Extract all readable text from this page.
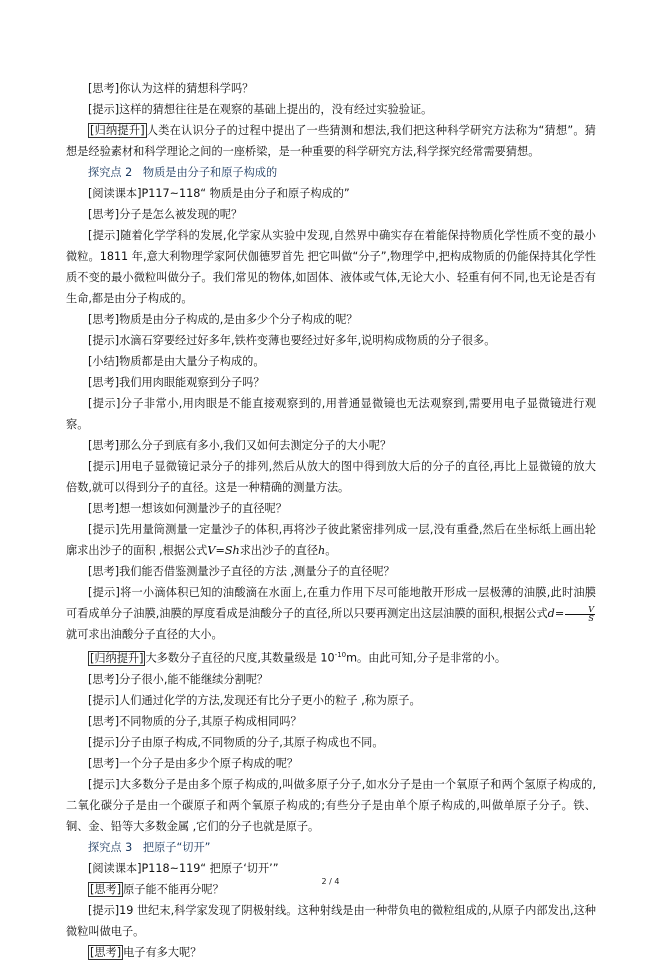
[思考]你认为这样的猜想科学吗？

[提示]这样的猜想往往是在观察的基础上提出的，没有经过实验验证。

[归纳提升] 人类在认识分子的过程中提出了一些猜测和想法,我们把这种科学研究方法称为“猜想”。猜想是经验素材和科学理论之间的一座桥梁，是一种重要的科学研究方法,科学探究经常需要猜想。

探究点 2 物质是由分子和原子构成的

[阅读课本]P117~118“ 物质是由分子和原子构成的”

[思考]分子是怎么被发现的呢？

[提示]随着化学学科的发展,化学家从实验中发现,自然界中确实存在着能保持物质化学性质不变的最小微粒。1811 年,意大利物理学家阿伏伽德罗首先 把它叫做“分子”,物理学中,把构成物质的仍能保持其化学性质不变的最小微粒叫做分子。我们常见的物体,如固体、液体或气体,无论大小、轻重有何不同,也无论是否有生命,都是由分子构成的。

[思考]物质是由分子构成的,是由多少个分子构成的呢？

[提示]水滴石穿要经过好多年,铁杵变薄也要经过好多年,说明构成物质的分子很多。

[小结]物质都是由大量分子构成的。

[思考]我们用肉眼能观察到分子吗？

[提示]分子非常小,用肉眼是不能直接观察到的,用普通显微镜也无法观察到,需要用电子显微镜进行观察。

[思考]那么分子到底有多小,我们又如何去测定分子的大小呢？

[提示]用电子显微镜记录分子的排列,然后从放大的图中得到放大后的分子的直径,再比上显微镜的放大倍数,就可以得到分子的直径。这是一种精确的测量方法。

[思考]想一想该如何测量沙子的直径呢？

[提示]先用量筒测量一定量沙子的体积,再将沙子彼此紧密排列成一层,没有重叠,然后在坐标纸上画出轮廓求出沙子的面积 ,根据公式V=Sh求出沙子的直径h。

[思考]我们能否借鉴测量沙子直径的方法 ,测量分子的直径呢？

[提示]将一小滴体积已知的油酸滴在水面上,在重力作用下尽可能地散开形成一层极薄的油膜,此时油膜可看成单分子油膜,油膜的厚度看成是油酸分子的直径,所以只要再测定出这层油膜的面积,根据公式$d= \frac{V}{S}$
就可求出油酸分子直径的大小。

[归纳提升] 大多数分子直径的尺度,其数量级是 $10^{-10}m$。由此可知,分子是非常的小。

[思考]分子很小,能不能继续分割呢？

[提示]人们通过化学的方法,发现还有比分子更小的粒子 ,称为原子。

[思考]不同物质的分子,其原子构成相同吗？

[提示]分子由原子构成,不同物质的分子,其原子构成也不同。

[思考]一个分子是由多少个原子构成的呢？

[提示]大多数分子是由多个原子构成的,叫做多原子分子,如水分子是由一个氧原子和两个氢原子构成的,二氧化碳分子是由一个碳原子和两个氧原子构成的;有些分子是由单个原子构成的,叫做单原子分子。铁、铜、金、铅等大多数金属 ,它们的分子也就是原子。

探究点 3 把原子“切开”

[阅读课本]P118~119“ 把原子‘切开’”

[思考] 原子能不能再分呢？

[提示]19 世纪末,科学家发现了阴极射线。这种射线是由一种带负电的微粒组成的,从原子内部发出,这种微粒叫做电子。

[思考] 电子有多大呢？

2 / 4
